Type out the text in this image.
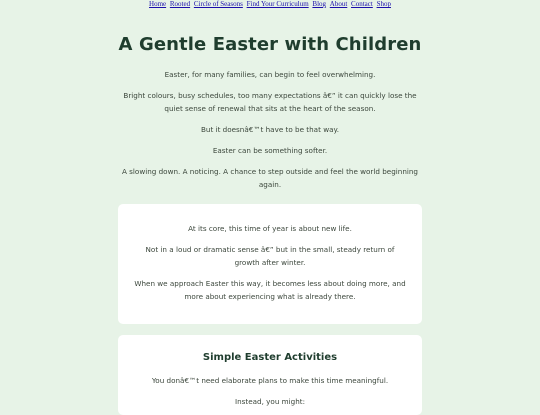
Home Rooted Circle of Seasons Find Your Curriculum Blog About Contact Shop
A Gentle Easter with Children

Easter, for many families, can begin to feel overwhelming.

Bright colours, busy schedules, too many expectations â€” it can quickly lose the quiet sense of renewal that sits at the heart of the season.

But it doesnâ€™t have to be that way.

Easter can be something softer.

A slowing down. A noticing. A chance to step outside and feel the world beginning again.

At its core, this time of year is about new life.

Not in a loud or dramatic sense â€” but in the small, steady return of growth after winter.

When we approach Easter this way, it becomes less about doing more, and more about experiencing what is already there.

Simple Easter Activities

You donâ€™t need elaborate plans to make this time meaningful.

Instead, you might:
